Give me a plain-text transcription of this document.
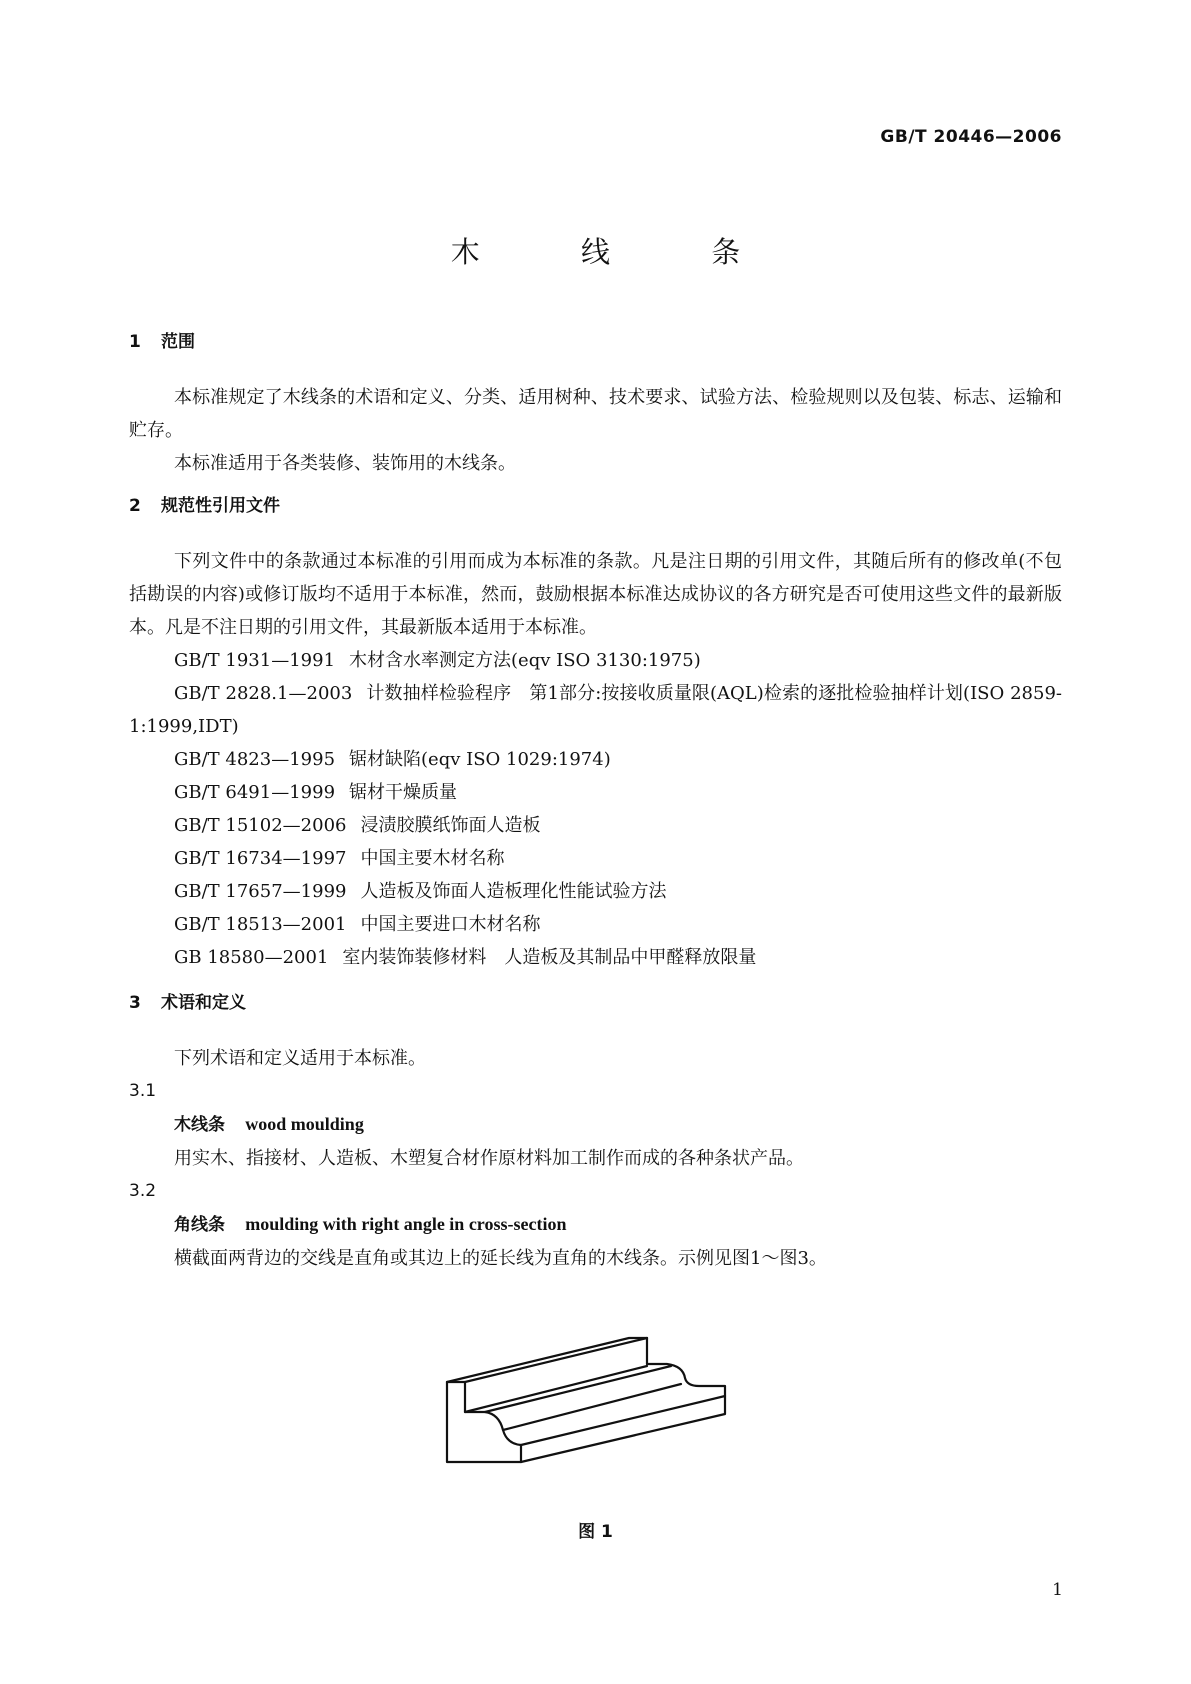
GB/T 20446—2006
木 线 条
1	范围

本标准规定了木线条的术语和定义、分类、适用树种、技术要求、试验方法、检验规则以及包装、标志、运输和贮存。

本标准适用于各类装修、装饰用的木线条。

2	规范性引用文件

下列文件中的条款通过本标准的引用而成为本标准的条款。凡是注日期的引用文件，其随后所有的修改单(不包括勘误的内容)或修订版均不适用于本标准，然而，鼓励根据本标准达成协议的各方研究是否可使用这些文件的最新版本。凡是不注日期的引用文件，其最新版本适用于本标准。

GB/T 1931—1991 木材含水率测定方法(eqv ISO 3130:1975)

GB/T 2828.1—2003 计数抽样检验程序　第1部分:按接收质量限(AQL)检索的逐批检验抽样计划(ISO 2859-1:1999,IDT)

GB/T 4823—1995 锯材缺陷(eqv ISO 1029:1974)

GB/T 6491—1999 锯材干燥质量

GB/T 15102—2006 浸渍胶膜纸饰面人造板

GB/T 16734—1997 中国主要木材名称

GB/T 17657—1999 人造板及饰面人造板理化性能试验方法

GB/T 18513—2001 中国主要进口木材名称

GB 18580—2001 室内装饰装修材料　人造板及其制品中甲醛释放限量

3	术语和定义

下列术语和定义适用于本标准。

3.1
木线条 wood moulding

用实木、指接材、人造板、木塑复合材作原材料加工制作而成的各种条状产品。

3.2
角线条 moulding with right angle in cross-section

横截面两背边的交线是直角或其边上的延长线为直角的木线条。示例见图1～图3。

图 1
1
